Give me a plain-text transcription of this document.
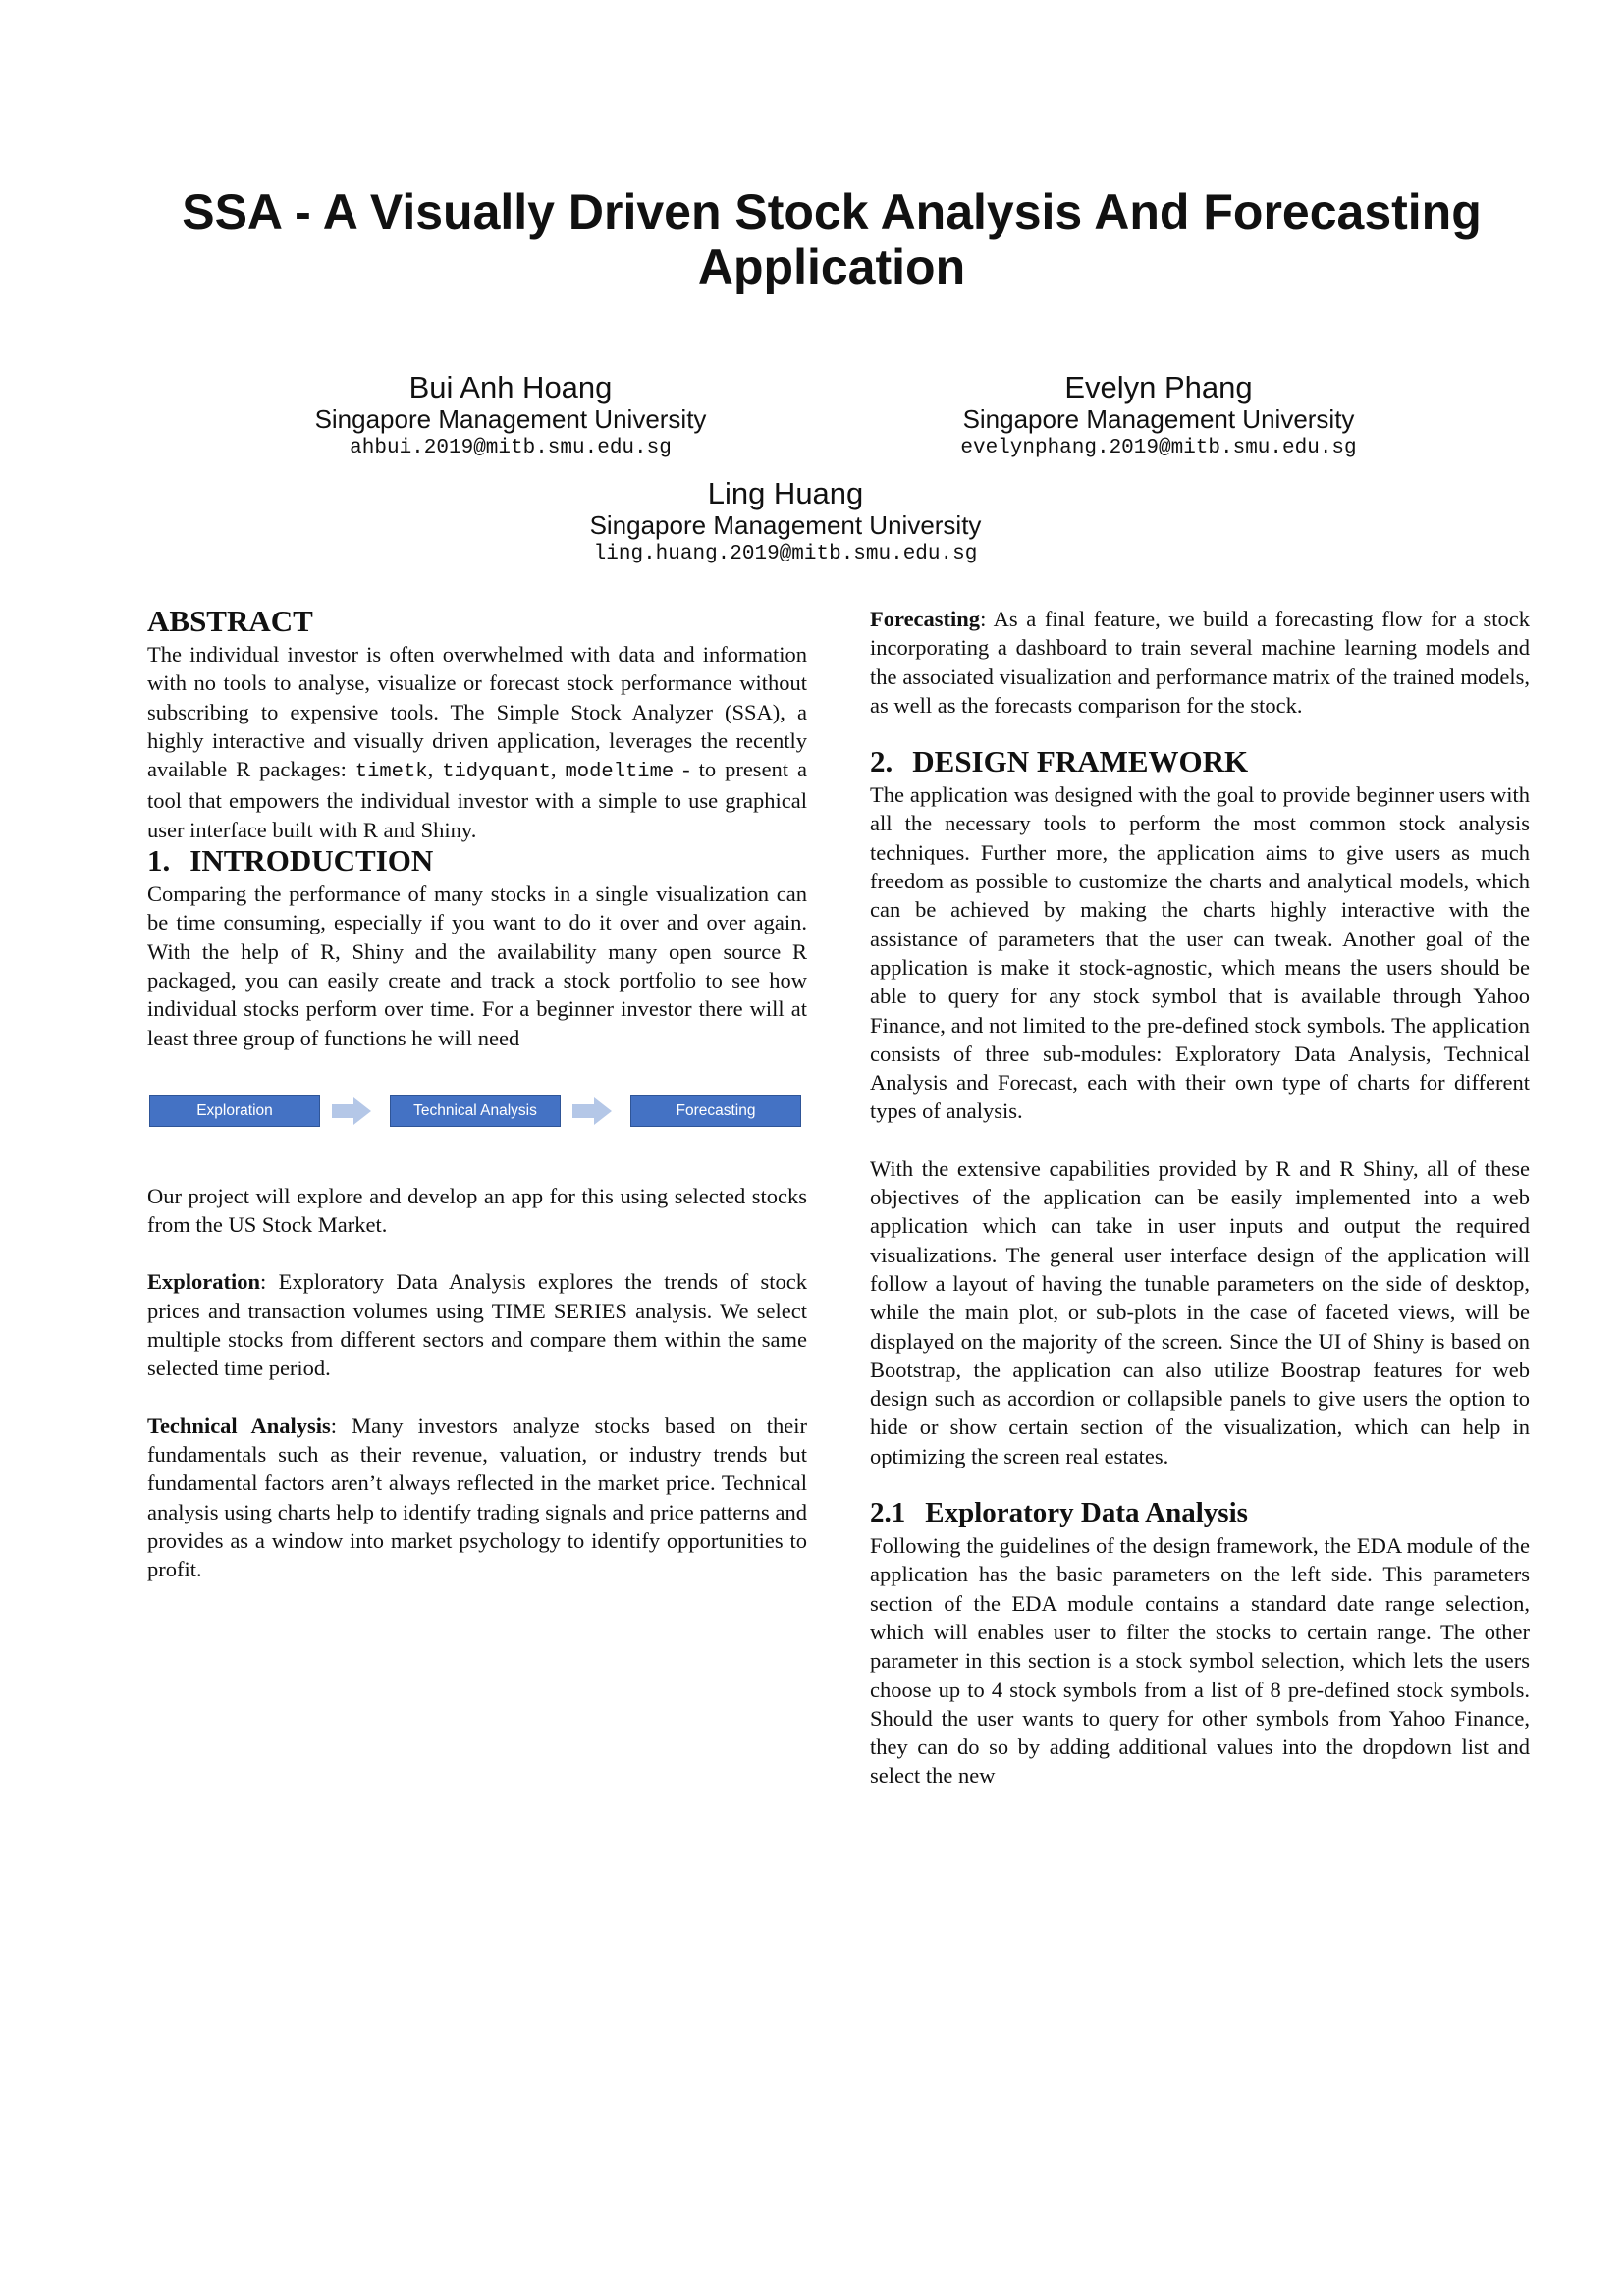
SSA - A Visually Driven Stock Analysis And Forecasting Application
Bui Anh Hoang
Singapore Management University
ahbui.2019@mitb.smu.edu.sg
Evelyn Phang
Singapore Management University
evelynphang.2019@mitb.smu.edu.sg
Ling Huang
Singapore Management University
ling.huang.2019@mitb.smu.edu.sg
ABSTRACT

The individual investor is often overwhelmed with data and information with no tools to analyse, visualize or forecast stock performance without subscribing to expensive tools. The Simple Stock Analyzer (SSA), a highly interactive and visually driven application, leverages the recently available R packages: timetk, tidyquant, modeltime - to present a tool that empowers the individual investor with a simple to use graphical user interface built with R and Shiny.

1. INTRODUCTION

Comparing the performance of many stocks in a single visualization can be time consuming, especially if you want to do it over and over again. With the help of R, Shiny and the availability many open source R packaged, you can easily create and track a stock portfolio to see how individual stocks perform over time. For a beginner investor there will at least three group of functions he will need

Exploration	Technical Analysis	Forecasting

Our project will explore and develop an app for this using selected stocks from the US Stock Market.

Exploration: Exploratory Data Analysis explores the trends of stock prices and transaction volumes using TIME SERIES analysis. We select multiple stocks from different sectors and compare them within the same selected time period.

Technical Analysis: Many investors analyze stocks based on their fundamentals such as their revenue, valuation, or industry trends but fundamental factors aren’t always reflected in the market price. Technical analysis using charts help to identify trading signals and price patterns and provides as a window into market psychology to identify opportunities to profit.

Forecasting: As a final feature, we build a forecasting flow for a stock incorporating a dashboard to train several machine learning models and the associated visualization and performance matrix of the trained models, as well as the forecasts comparison for the stock.

2. DESIGN FRAMEWORK

The application was designed with the goal to provide beginner users with all the necessary tools to perform the most common stock analysis techniques. Further more, the application aims to give users as much freedom as possible to customize the charts and analytical models, which can be achieved by making the charts highly interactive with the assistance of parameters that the user can tweak. Another goal of the application is make it stock-agnostic, which means the users should be able to query for any stock symbol that is available through Yahoo Finance, and not limited to the pre-defined stock symbols. The application consists of three sub-modules: Exploratory Data Analysis, Technical Analysis and Forecast, each with their own type of charts for different types of analysis.

With the extensive capabilities provided by R and R Shiny, all of these objectives of the application can be easily implemented into a web application which can take in user inputs and output the required visualizations. The general user interface design of the application will follow a layout of having the tunable parameters on the side of desktop, while the main plot, or sub-plots in the case of faceted views, will be displayed on the majority of the screen. Since the UI of Shiny is based on Bootstrap, the application can also utilize Boostrap features for web design such as accordion or collapsible panels to give users the option to hide or show certain section of the visualization, which can help in optimizing the screen real estates.

2.1 Exploratory Data Analysis

Following the guidelines of the design framework, the EDA module of the application has the basic parameters on the left side. This parameters section of the EDA module contains a standard date range selection, which will enables user to filter the stocks to certain range. The other parameter in this section is a stock symbol selection, which lets the users choose up to 4 stock symbols from a list of 8 pre-defined stock symbols. Should the user wants to query for other symbols from Yahoo Finance, they can do so by adding additional values into the dropdown list and select the new
